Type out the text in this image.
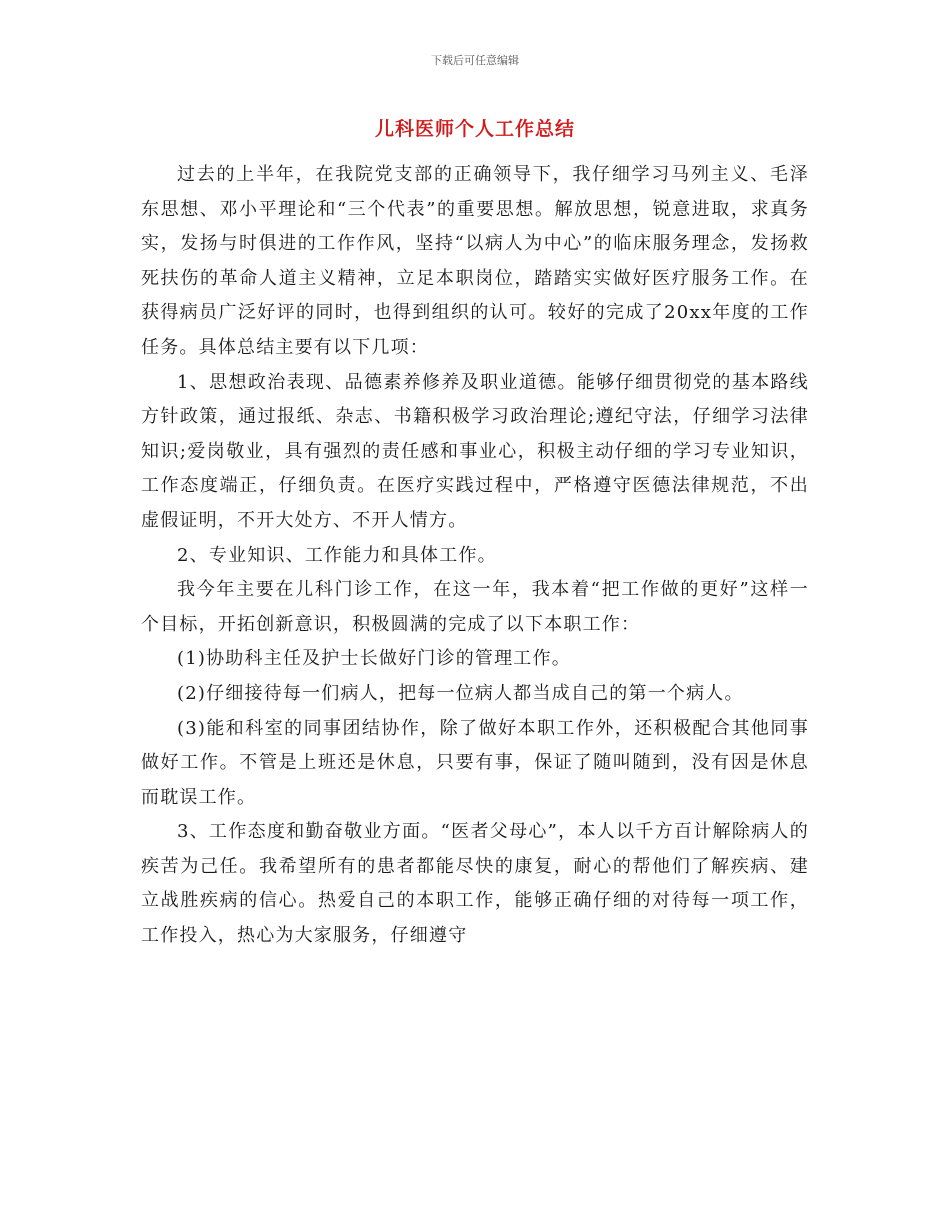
下载后可任意编辑
儿科医师个人工作总结

过去的上半年，在我院党支部的正确领导下，我仔细学习马列主义、毛泽东思想、邓小平理论和“三个代表”的重要思想。解放思想，锐意进取，求真务实，发扬与时俱进的工作作风，坚持“以病人为中心”的临床服务理念，发扬救死扶伤的革命人道主义精神，立足本职岗位，踏踏实实做好医疗服务工作。在获得病员广泛好评的同时，也得到组织的认可。较好的完成了20xx年度的工作任务。具体总结主要有以下几项：

1、思想政治表现、品德素养修养及职业道德。能够仔细贯彻党的基本路线方针政策，通过报纸、杂志、书籍积极学习政治理论;遵纪守法，仔细学习法律知识;爱岗敬业，具有强烈的责任感和事业心，积极主动仔细的学习专业知识，工作态度端正，仔细负责。在医疗实践过程中，严格遵守医德法律规范，不出虚假证明，不开大处方、不开人情方。

2、专业知识、工作能力和具体工作。

我今年主要在儿科门诊工作，在这一年，我本着“把工作做的更好”这样一个目标，开拓创新意识，积极圆满的完成了以下本职工作：

(1)协助科主任及护士长做好门诊的管理工作。

(2)仔细接待每一们病人，把每一位病人都当成自己的第一个病人。

(3)能和科室的同事团结协作，除了做好本职工作外，还积极配合其他同事做好工作。不管是上班还是休息，只要有事，保证了随叫随到，没有因是休息而耽误工作。

3、工作态度和勤奋敬业方面。“医者父母心”，本人以千方百计解除病人的疾苦为己任。我希望所有的患者都能尽快的康复，耐心的帮他们了解疾病、建立战胜疾病的信心。热爱自己的本职工作，能够正确仔细的对待每一项工作，工作投入，热心为大家服务，仔细遵守
